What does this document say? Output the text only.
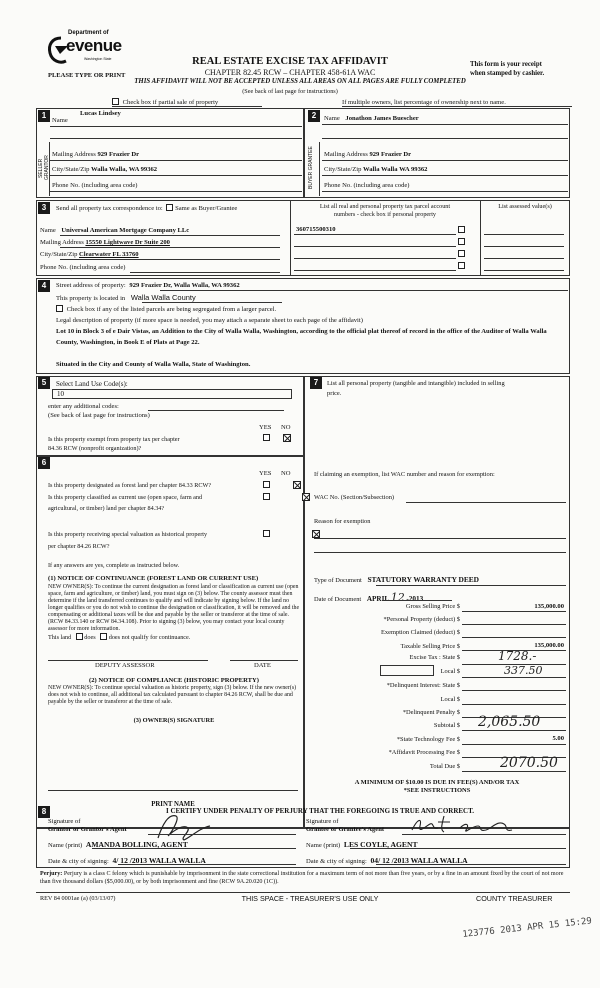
Department of
evenue
Washington State
PLEASE TYPE OR PRINT
REAL ESTATE EXCISE TAX AFFIDAVIT
CHAPTER 82.45 RCW – CHAPTER 458-61A WAC
THIS AFFIDAVIT WILL NOT BE ACCEPTED UNLESS ALL AREAS ON ALL PAGES ARE FULLY COMPLETED
(See back of last page for instructions)
This form is your receipt
when stamped by cashier.
Check box if partial sale of property	If multiple owners, list percentage of ownership next to name.
1	2
Name
Lucas Lindsey
SELLER GRANTOR
Mailing Address 929 Frazier Dr
City/State/Zip Walla Walla, WA 99362
Phone No. (including area code)
Name Jonathon James Buescher
BUYER GRANTEE	Mailing Address 929 Frazier Dr
City/State/Zip Walla Walla WA 99362
Phone No. (including area code)
3	Send all property tax correspondence to: Same as Buyer/Grantee	List all real and personal property tax parcel account
numbers - check box if personal property
List assessed value(s)
Name Universal American Mortgage Company LLc
Mailing Address 15550 Lightwave Dr Suite 200
City/State/Zip Clearwater FL 33760
Phone No. (including area code)
360715500310
4	Street address of property: 929 Frazier Dr, Walla Walla, WA 99362
This property is located in Walla Walla County
Check box if any of the listed parcels are being segregated from a larger parcel.
Legal description of property (if more space is needed, you may attach a separate sheet to each page of the affidavit)
Lot 10 in Block 3 of e Dair Vistas, an Addition to the City of Walla Walla, Washington, according to the official plat thereof of record in the office of the Auditor of Walla Walla County, Washington, in Book E of Plats at Page 22.
Situated in the City and County of Walla Walla, State of Washington.
5	Select Land Use Code(s):
10
enter any additional codes:
(See back of last page for instructions)
YES NO
Is this property exempt from property tax per chapter
84.36 RCW (nonprofit organization)?

7	List all personal property (tangible and intangible) included in selling
price.
6
YES NO
Is this property designated as forest land per chapter 84.33 RCW?

Is this property classified as current use (open space, farm and
agricultural, or timber) land per chapter 84.34?

Is this property receiving special valuation as historical property
per chapter 84.26 RCW?
If any answers are yes, complete as instructed below.
(1) NOTICE OF CONTINUANCE (FOREST LAND OR CURRENT USE)
NEW OWNER(S): To continue the current designation as forest land or classification as current use (open space, farm and agriculture, or timber) land, you must sign on (3) below. The county assessor must then determine if the land transferred continues to qualify and will indicate by signing below. If the land no longer qualifies or you do not wish to continue the designation or classification, it will be removed and the compensating or additional taxes will be due and payable by the seller or transferor at the time of sale. (RCW 84.33.140 or RCW 84.34.108). Prior to signing (3) below, you may contact your local county assessor for more information.
This land does does not qualify for continuance.
DEPUTY ASSESSOR	DATE
(2) NOTICE OF COMPLIANCE (HISTORIC PROPERTY)
NEW OWNER(S): To continue special valuation as historic property, sign (3) below. If the new owner(s) does not wish to continue, all additional tax calculated pursuant to chapter 84.26 RCW, shall be due and payable by the seller or transferor at the time of sale.
(3) OWNER(S) SIGNATURE
PRINT NAME
If claiming an exemption, list WAC number and reason for exemption:
WAC No. (Section/Subsection)
Reason for exemption
Type of Document STATUTORY WARRANTY DEED
Date of Document APRIL 12 -2013
Gross Selling Price $	135,000.00
*Personal Property (deduct) $
Exemption Claimed (deduct) $
Taxable Selling Price $	135,000.00
Excise Tax : State $	1728.-
Local $	337.50
*Delinquent Interest: State $
Local $
*Delinquent Penalty $
Subtotal $ 2,065.50
*State Technology Fee $	5.00
*Affidavit Processing Fee $
Total Due $	2070.50
A MINIMUM OF $10.00 IS DUE IN FEE(S) AND/OR TAX
*SEE INSTRUCTIONS
8	I CERTIFY UNDER PENALTY OF PERJURY THAT THE FOREGOING IS TRUE AND CORRECT.
Signature of
Grantor or Grantor's Agent
Name (print) AMANDA BOLLING, AGENT
Date & city of signing: 4/ 12 /2013 WALLA WALLA
Signature of
Grantee or Grantee's Agent
Name (print) LES COYLE, AGENT
Date & city of signing: 04/ 12 /2013 WALLA WALLA
Perjury: Perjury is a class C felony which is punishable by imprisonment in the state correctional institution for a maximum term of not more than five years, or by a fine in an amount fixed by the court of not more than five thousand dollars ($5,000.00), or by both imprisonment and fine (RCW 9A.20.020 (1C)).
REV 84 0001ae (a) (03/13/07)	THIS SPACE - TREASURER'S USE ONLY	COUNTY TREASURER
123776 2013 APR 15 15:29
